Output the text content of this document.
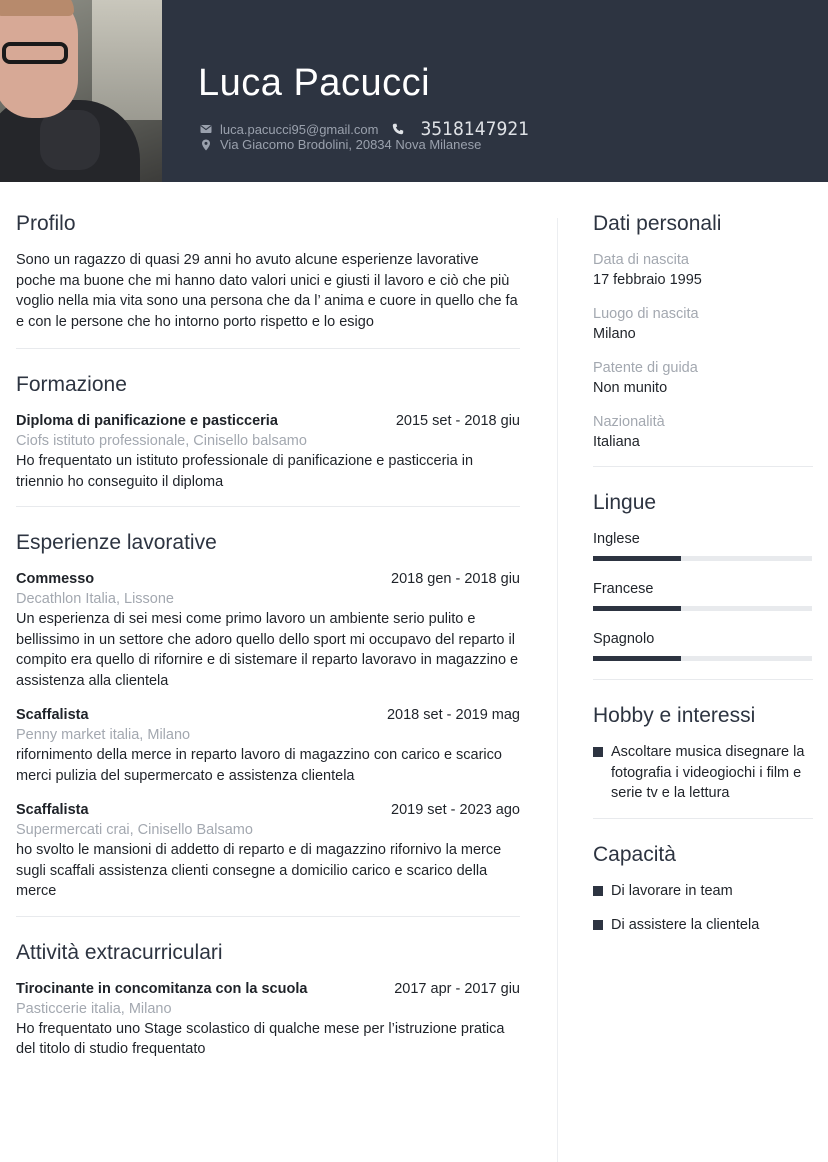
Luca Pacucci
luca.pacucci95@gmail.com 3518147921
Via Giacomo Brodolini, 20834 Nova Milanese
Profilo

Sono un ragazzo di quasi 29 anni ho avuto alcune esperienze lavorative poche ma buone che mi hanno dato valori unici e giusti il lavoro e ciò che più voglio nella mia vita sono una persona che da l’ anima e cuore in quello che fa e con le persone che ho intorno porto rispetto e lo esigo

Formazione
Diploma di panificazione e pasticceria	2015 set - 2018 giu
Ciofs istituto professionale, Cinisello balsamo

Ho frequentato un istituto professionale di panificazione e pasticceria in triennio ho conseguito il diploma

Esperienze lavorative
Commesso	2018 gen - 2018 giu
Decathlon Italia, Lissone

Un esperienza di sei mesi come primo lavoro un ambiente serio pulito e bellissimo in un settore che adoro quello dello sport mi occupavo del reparto il compito era quello di rifornire e di sistemare il reparto lavoravo in magazzino e assistenza alla clientela

Scaffalista	2018 set - 2019 mag
Penny market italia, Milano

rifornimento della merce in reparto lavoro di magazzino con carico e scarico merci pulizia del supermercato e assistenza clientela

Scaffalista	2019 set - 2023 ago
Supermercati crai, Cinisello Balsamo

ho svolto le mansioni di addetto di reparto e di magazzino rifornivo la merce sugli scaffali assistenza clienti consegne a domicilio carico e scarico della merce

Attività extracurriculari
Tirocinante in concomitanza con la scuola	2017 apr - 2017 giu
Pasticcerie italia, Milano

Ho frequentato uno Stage scolastico di qualche mese per l’istruzione pratica del titolo di studio frequentato

Dati personali
Data di nascita
17 febbraio 1995
Luogo di nascita
Milano
Patente di guida
Non munito
Nazionalità
Italiana
Lingue
Inglese
Francese
Spagnolo
Hobby e interessi
Ascoltare musica disegnare la fotografia i videogiochi i film e serie tv e la lettura
Capacità
Di lavorare in team
Di assistere la clientela
